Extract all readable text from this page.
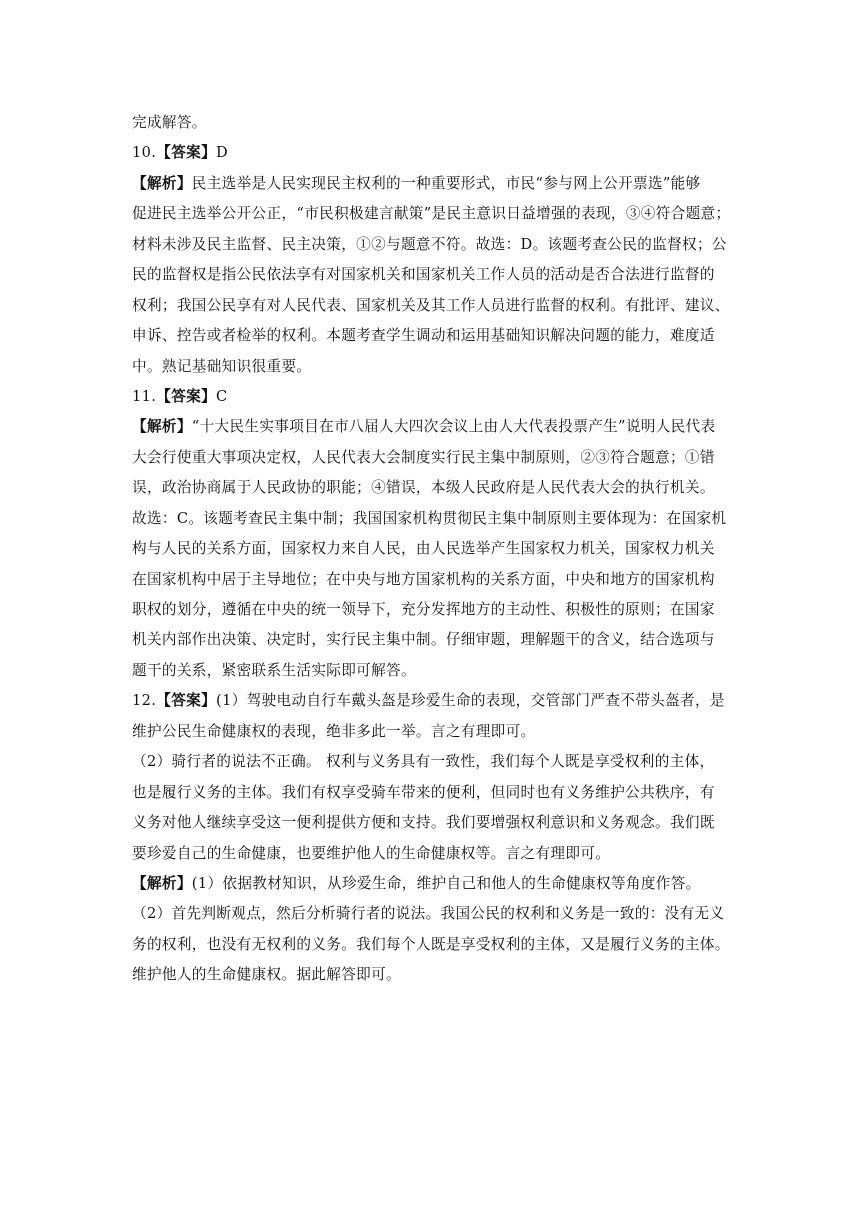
完成解答。
10.【答案】D
【解析】民主选举是人民实现民主权利的一种重要形式，市民“参与网上公开票选”能够
促进民主选举公开公正，“市民积极建言献策”是民主意识日益增强的表现，③④符合题意；
材料未涉及民主监督、民主决策，①②与题意不符。故选：D。该题考查公民的监督权；公
民的监督权是指公民依法享有对国家机关和国家机关工作人员的活动是否合法进行监督的
权利；我国公民享有对人民代表、国家机关及其工作人员进行监督的权利。有批评、建议、
申诉、控告或者检举的权利。本题考查学生调动和运用基础知识解决问题的能力，难度适
中。熟记基础知识很重要。
11.【答案】C
【解析】“十大民生实事项目在市八届人大四次会议上由人大代表投票产生”说明人民代表
大会行使重大事项决定权，人民代表大会制度实行民主集中制原则，②③符合题意；①错
误，政治协商属于人民政协的职能；④错误，本级人民政府是人民代表大会的执行机关。
故选：C。该题考查民主集中制；我国国家机构贯彻民主集中制原则主要体现为：在国家机
构与人民的关系方面，国家权力来自人民，由人民选举产生国家权力机关，国家权力机关
在国家机构中居于主导地位；在中央与地方国家机构的关系方面，中央和地方的国家机构
职权的划分，遵循在中央的统一领导下，充分发挥地方的主动性、积极性的原则；在国家
机关内部作出决策、决定时，实行民主集中制。仔细审题，理解题干的含义，结合选项与
题干的关系，紧密联系生活实际即可解答。
12.【答案】(1）驾驶电动自行车戴头盔是珍爱生命的表现，交管部门严查不带头盔者，是
维护公民生命健康权的表现，绝非多此一举。言之有理即可。
（2）骑行者的说法不正确。 权利与义务具有一致性，我们每个人既是享受权利的主体，
也是履行义务的主体。我们有权享受骑车带来的便利，但同时也有义务维护公共秩序，有
义务对他人继续享受这一便利提供方便和支持。我们要增强权利意识和义务观念。我们既
要珍爱自己的生命健康，也要维护他人的生命健康权等。言之有理即可。
【解析】(1）依据教材知识，从珍爱生命，维护自己和他人的生命健康权等角度作答。
（2）首先判断观点，然后分析骑行者的说法。我国公民的权利和义务是一致的：没有无义
务的权利，也没有无权利的义务。我们每个人既是享受权利的主体，又是履行义务的主体。
维护他人的生命健康权。据此解答即可。
